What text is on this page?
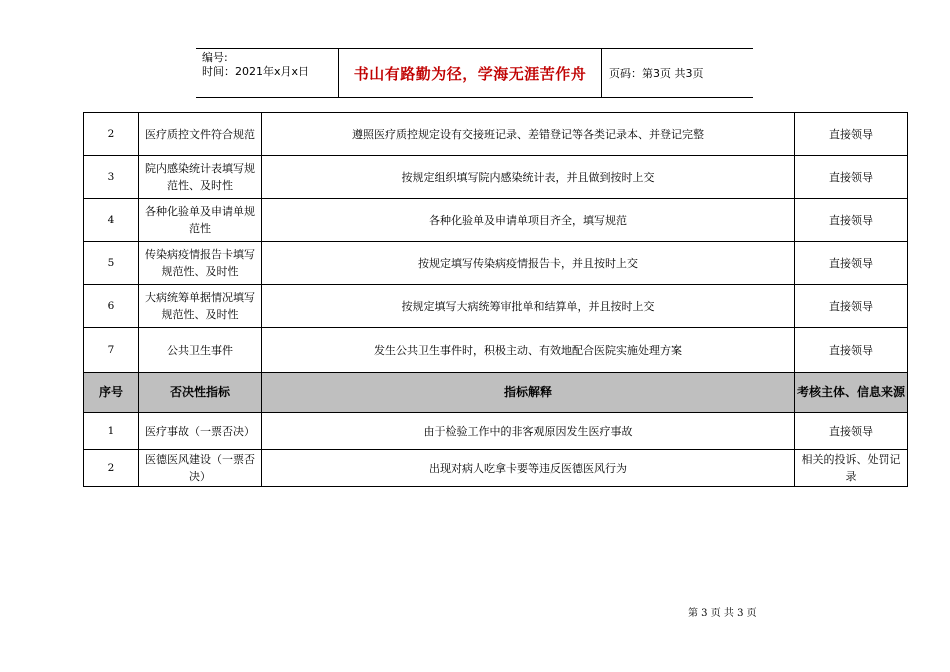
编号:
时间：2021年x月x日	书山有路勤为径，学海无涯苦作舟	页码：第3页 共3页
2	医疗质控文件符合规范	遵照医疗质控规定设有交接班记录、差错登记等各类记录本、并登记完整	直接领导
3	院内感染统计表填写规范性、及时性	按规定组织填写院内感染统计表，并且做到按时上交	直接领导
4	各种化验单及申请单规范性	各种化验单及申请单项目齐全，填写规范	直接领导
5	传染病疫情报告卡填写规范性、及时性	按规定填写传染病疫情报告卡，并且按时上交	直接领导
6	大病统筹单据情况填写规范性、及时性	按规定填写大病统筹审批单和结算单，并且按时上交	直接领导
7	公共卫生事件	发生公共卫生事件时，积极主动、有效地配合医院实施处理方案	直接领导
序号	否决性指标	指标解释	考核主体、信息来源
1	医疗事故（一票否决）	由于检验工作中的非客观原因发生医疗事故	直接领导
2	医德医风建设（一票否决）	出现对病人吃拿卡要等违反医德医风行为	相关的投诉、处罚记录
第 3 页 共 3 页
